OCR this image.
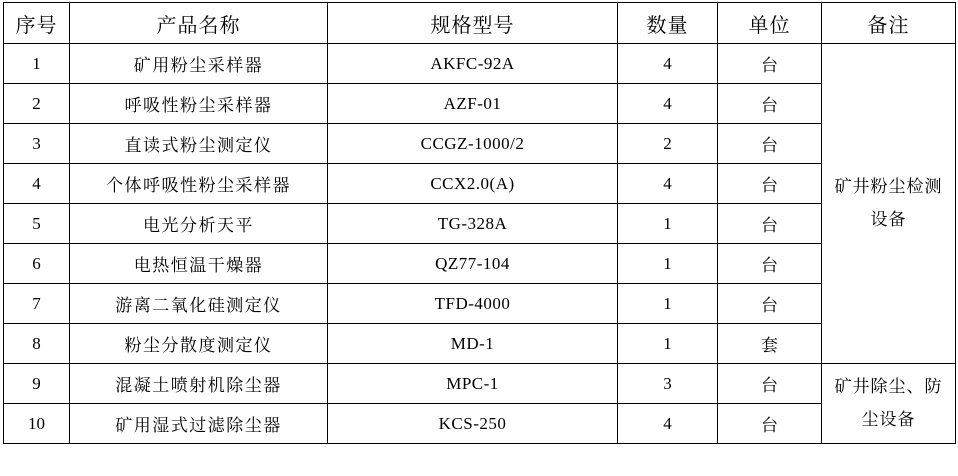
序号	产品名称	规格型号	数量	单位	备注
1	矿用粉尘采样器	AKFC-92A	4	台	矿井粉尘检测设备

2	呼吸性粉尘采样器	AZF-01	4	台	
3	直读式粉尘测定仪	CCGZ-1000/2	2	台	
4	个体呼吸性粉尘采样器	CCX2.0(A)	4	台	
5	电光分析天平	TG-328A	1	台	
6	电热恒温干燥器	QZ77-104	1	台	
7	游离二氧化硅测定仪	TFD-4000	1	台	
8	粉尘分散度测定仪	MD-1	1	套	
9	混凝土喷射机除尘器	MPC-1	3	台	矿井除尘、防尘设备

10	矿用湿式过滤除尘器	KCS-250	4	台	
